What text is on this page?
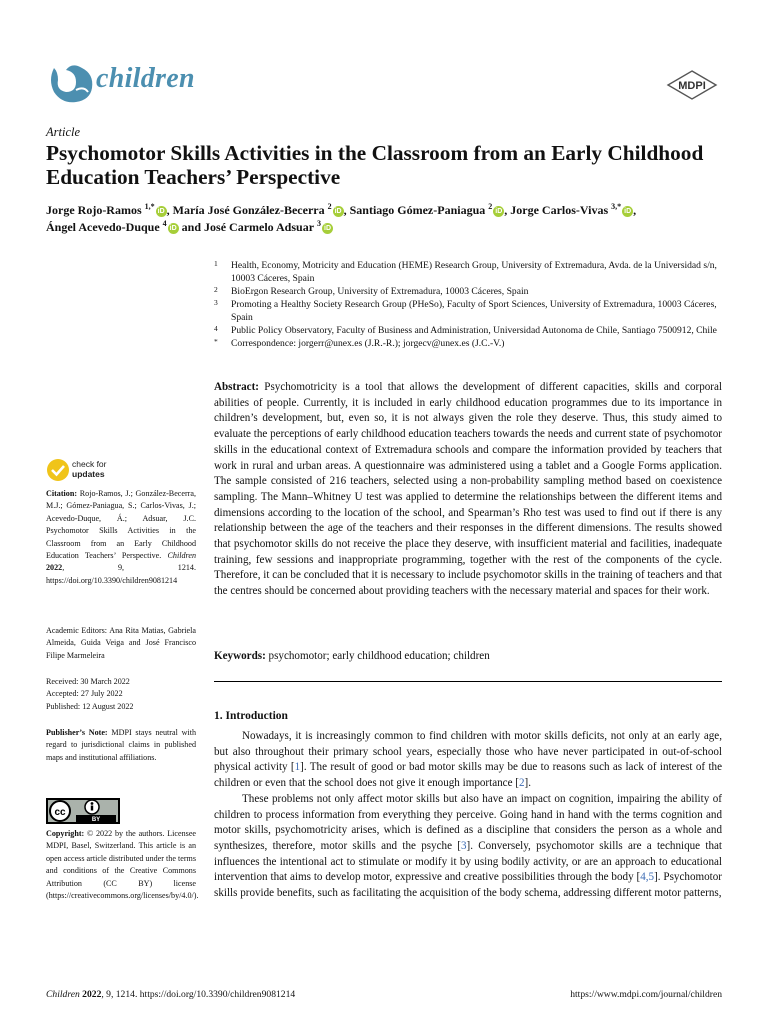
children	MDPI
Article
Psychomotor Skills Activities in the Classroom from an Early Childhood Education Teachers’ Perspective
Jorge Rojo-Ramos $^{1,*}$iD , María José González-Becerra $^2$iD , Santiago Gómez-Paniagua $^2$iD , Jorge Carlos-Vivas $^{3,*}$iD ,
Ángel Acevedo-Duque $^4$iD and José Carmelo Adsuar $^3$iD
1 Health, Economy, Motricity and Education (HEME) Research Group, University of Extremadura, Avda. de la Universidad s/n, 10003 Cáceres, Spain
2 BioErgon Research Group, University of Extremadura, 10003 Cáceres, Spain
3 Promoting a Healthy Society Research Group (PHeSo), Faculty of Sport Sciences, University of Extremadura, 10003 Cáceres, Spain
4 Public Policy Observatory, Faculty of Business and Administration, Universidad Autonoma de Chile, Santiago 7500912, Chile
* Correspondence: jorgerr@unex.es (J.R.-R.); jorgecv@unex.es (J.C.-V.)
Abstract: Psychomotricity is a tool that allows the development of different capacities, skills and corporal abilities of people. Currently, it is included in early childhood education programmes due to its importance in children’s development, but, even so, it is not always given the role they deserve. Thus, this study aimed to evaluate the perceptions of early childhood education teachers towards the needs and current state of psychomotor skills in the educational context of Extremadura schools and compare the information provided by teachers that work in rural and urban areas. A questionnaire was administered using a tablet and a Google Forms application. The sample consisted of 216 teachers, selected using a non-probability sampling method based on coexistence sampling. The Mann–Whitney U test was applied to determine the relationships between the different items and dimensions according to the location of the school, and Spearman’s Rho test was used to find out if there is any relationship between the age of the teachers and their responses in the different dimensions. The results showed that psychomotor skills do not receive the place they deserve, with insufficient material and facilities, inadequate training, few sessions and inappropriate programming, together with the rest of the components of the cycle. Therefore, it can be concluded that it is necessary to include psychomotor skills in the training of teachers and that the centres should be concerned about providing teachers with the necessary material and spaces for their work.
Keywords: psychomotor; early childhood education; children
1. Introduction

Nowadays, it is increasingly common to find children with motor skills deficits, not only at an early age, but also throughout their primary school years, especially those who have never participated in out-of-school physical activity [1]. The result of good or bad motor skills may be due to reasons such as lack of interest of the children or even that the school does not give it enough importance [2].

These problems not only affect motor skills but also have an impact on cognition, impairing the ability of children to process information from everything they perceive. Going hand in hand with the terms cognition and motor skills, psychomotricity arises, which is defined as a discipline that considers the person as a whole and synthesizes, therefore, motor skills and the psyche [3]. Conversely, psychomotor skills are a technique that influences the intentional act to stimulate or modify it by using bodily activity, or are an approach to educational intervention that aims to develop motor, expressive and creative possibilities through the body [4,5]. Psychomotor skills provide benefits, such as facilitating the acquisition of the body schema, addressing different motor patterns,

check for
updates
Citation: Rojo-Ramos, J.; González-Becerra, M.J.; Gómez-Paniagua, S.; Carlos-Vivas, J.; Acevedo-Duque, Á.; Adsuar, J.C. Psychomotor Skills Activities in the Classroom from an Early Childhood Education Teachers’ Perspective. Children 2022, 9, 1214. https://doi.org/10.3390/children9081214
Academic Editors: Ana Rita Matias, Gabriela Almeida, Guida Veiga and José Francisco Filipe Marmeleira
Received: 30 March 2022
Accepted: 27 July 2022
Published: 12 August 2022
Publisher’s Note: MDPI stays neutral with regard to jurisdictional claims in published maps and institutional affiliations.
cc
BY
Copyright: © 2022 by the authors. Licensee MDPI, Basel, Switzerland. This article is an open access article distributed under the terms and conditions of the Creative Commons Attribution (CC BY) license (https://creativecommons.org/licenses/by/4.0/).
Children 2022, 9, 1214. https://doi.org/10.3390/children9081214	https://www.mdpi.com/journal/children
